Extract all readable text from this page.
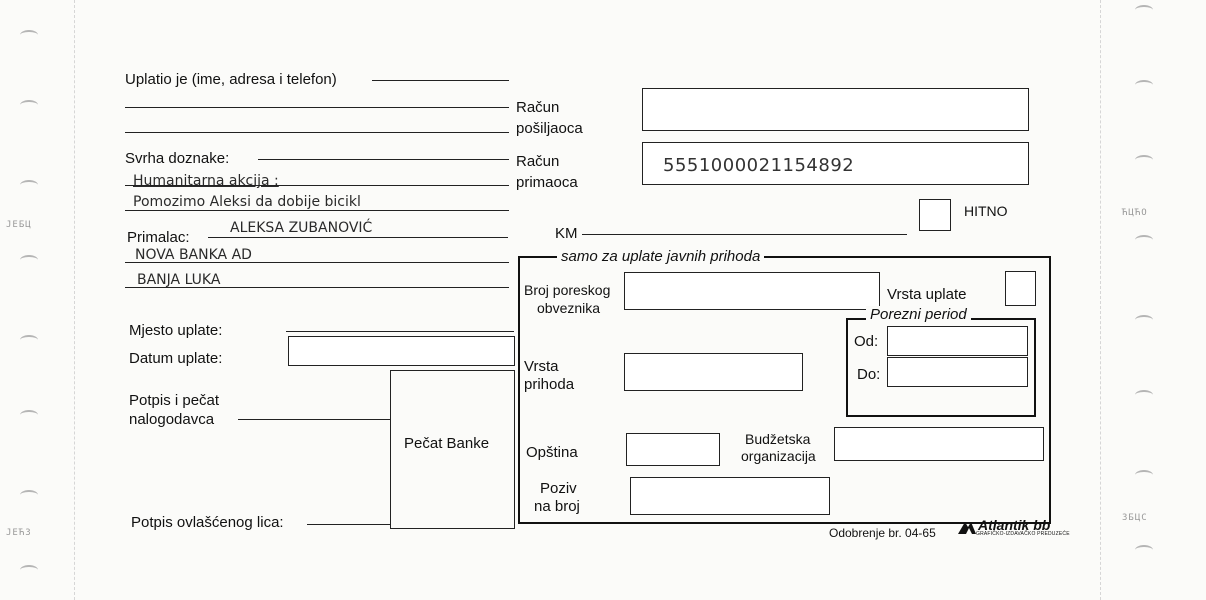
ЈЕБЦ
ЈЕЋЗ
ЋЦЋО
ЗБЦС
Uplatio je (ime, adresa i telefon)
Račun
pošiljaoca
Svrha doznake:
Humanitarna akcija :
Pomozimo Aleksi da dobije bicikl
Račun
primaoca
5551000021154892
Primalac:
ALEKSA ZUBANOVIĆ
NOVA BANKA AD
BANJA LUKA
KM
HITNO
Mjesto uplate:
Datum uplate:
Potpis i pečat
nalogodavca
Pečat Banke
Potpis ovlašćenog lica:
samo za uplate javnih prihoda
Broj poreskog
obveznika
Vrsta uplate
Porezni period
Od:
Do:
Vrsta
prihoda
Opština
Budžetska
organizacija
Poziv
na broj
Odobrenje br. 04-65	Atlantik bb
GRAFIČKO-IZDAVAČKO PREDUZEĆE
